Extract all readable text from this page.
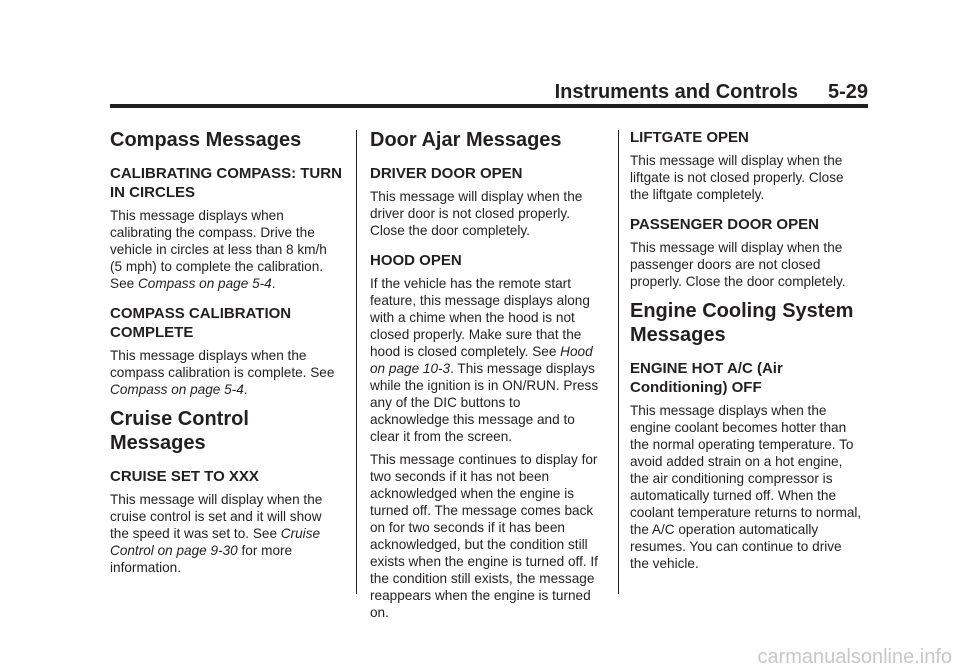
Instruments and Controls 5-29
Compass Messages
CALIBRATING COMPASS: TURN IN CIRCLES

This message displays when calibrating the compass. Drive the vehicle in circles at less than 8 km/h (5 mph) to complete the calibration. See Compass on page 5-4.

COMPASS CALIBRATION COMPLETE

This message displays when the compass calibration is complete. See Compass on page 5-4.

Cruise Control Messages
CRUISE SET TO XXX

This message will display when the cruise control is set and it will show the speed it was set to. See Cruise Control on page 9-30 for more information.

Door Ajar Messages
DRIVER DOOR OPEN

This message will display when the driver door is not closed properly. Close the door completely.

HOOD OPEN

If the vehicle has the remote start feature, this message displays along with a chime when the hood is not closed properly. Make sure that the hood is closed completely. See Hood on page 10-3. This message displays while the ignition is in ON/RUN. Press any of the DIC buttons to acknowledge this message and to clear it from the screen.

This message continues to display for two seconds if it has not been acknowledged when the engine is turned off. The message comes back on for two seconds if it has been acknowledged, but the condition still exists when the engine is turned off. If the condition still exists, the message reappears when the engine is turned on.

LIFTGATE OPEN

This message will display when the liftgate is not closed properly. Close the liftgate completely.

PASSENGER DOOR OPEN

This message will display when the passenger doors are not closed properly. Close the door completely.

Engine Cooling System Messages
ENGINE HOT A/C (Air Conditioning) OFF

This message displays when the engine coolant becomes hotter than the normal operating temperature. To avoid added strain on a hot engine, the air conditioning compressor is automatically turned off. When the coolant temperature returns to normal, the A/C operation automatically resumes. You can continue to drive the vehicle.

carmanualsonline.info
